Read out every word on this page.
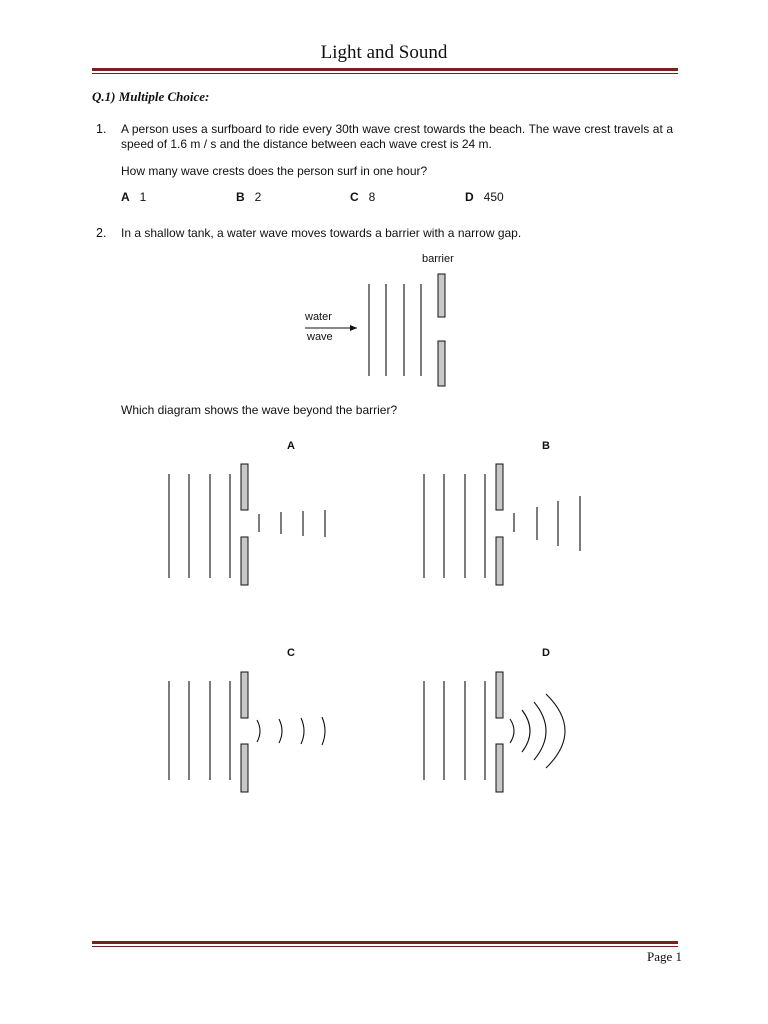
Light and Sound
Q.1) Multiple Choice:
1. A person uses a surfboard to ride every 30th wave crest towards the beach. The wave crest travels at a speed of 1.6 m / s and the distance between each wave crest is 24 m.
How many wave crests does the person surf in one hour?
A 1	B 2	C 8	D 450
2. In a shallow tank, a water wave moves towards a barrier with a narrow gap.
barrier
water
wave
Which diagram shows the wave beyond the barrier?
A	B
C	D
Page 1
